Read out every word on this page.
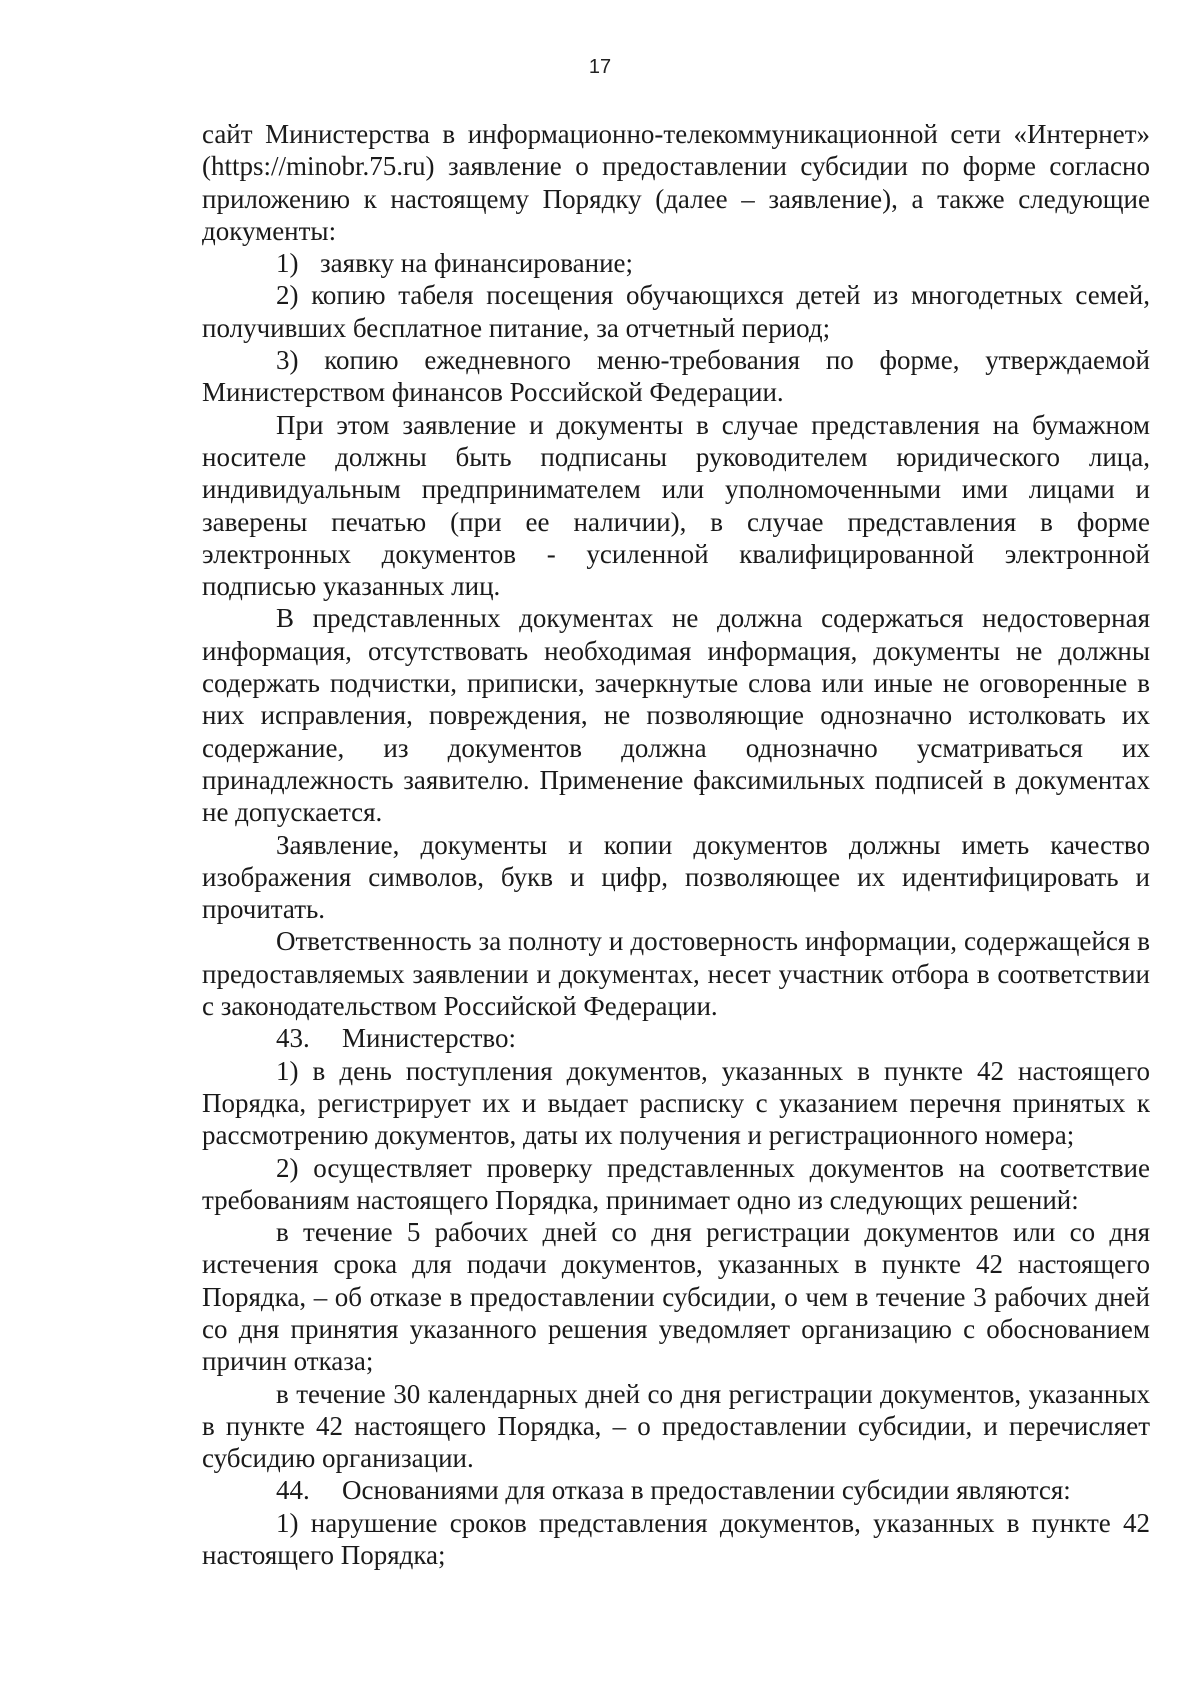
17

сайт Министерства в информационно-телекоммуникационной сети «Интернет» (https://minobr.75.ru) заявление о предоставлении субсидии по форме согласно приложению к настоящему Порядку (далее – заявление), а также следующие документы:

1) заявку на финансирование;

2) копию табеля посещения обучающихся детей из многодетных семей, получивших бесплатное питание, за отчетный период;

3) копию ежедневного меню-требования по форме, утверждаемой Министерством финансов Российской Федерации.

При этом заявление и документы в случае представления на бумажном носителе должны быть подписаны руководителем юридического лица, индивидуальным предпринимателем или уполномоченными ими лицами и заверены печатью (при ее наличии), в случае представления в форме электронных документов - усиленной квалифицированной электронной подписью указанных лиц.

В представленных документах не должна содержаться недостоверная информация, отсутствовать необходимая информация, документы не должны содержать подчистки, приписки, зачеркнутые слова или иные не оговоренные в них исправления, повреждения, не позволяющие однозначно истолковать их содержание, из документов должна однозначно усматриваться их принадлежность заявителю. Применение факсимильных подписей в документах не допускается.

Заявление, документы и копии документов должны иметь качество изображения символов, букв и цифр, позволяющее их идентифицировать и прочитать.

Ответственность за полноту и достоверность информации, содержащейся в предоставляемых заявлении и документах, несет участник отбора в соответствии с законодательством Российской Федерации.

43. Министерство:

1) в день поступления документов, указанных в пункте 42 настоящего Порядка, регистрирует их и выдает расписку с указанием перечня принятых к рассмотрению документов, даты их получения и регистрационного номера;

2) осуществляет проверку представленных документов на соответствие требованиям настоящего Порядка, принимает одно из следующих решений:

в течение 5 рабочих дней со дня регистрации документов или со дня истечения срока для подачи документов, указанных в пункте 42 настоящего Порядка, – об отказе в предоставлении субсидии, о чем в течение 3 рабочих дней со дня принятия указанного решения уведомляет организацию с обоснованием причин отказа;

в течение 30 календарных дней со дня регистрации документов, указанных в пункте 42 настоящего Порядка, – о предоставлении субсидии, и перечисляет субсидию организации.

44. Основаниями для отказа в предоставлении субсидии являются:

1) нарушение сроков представления документов, указанных в пункте 42 настоящего Порядка;
